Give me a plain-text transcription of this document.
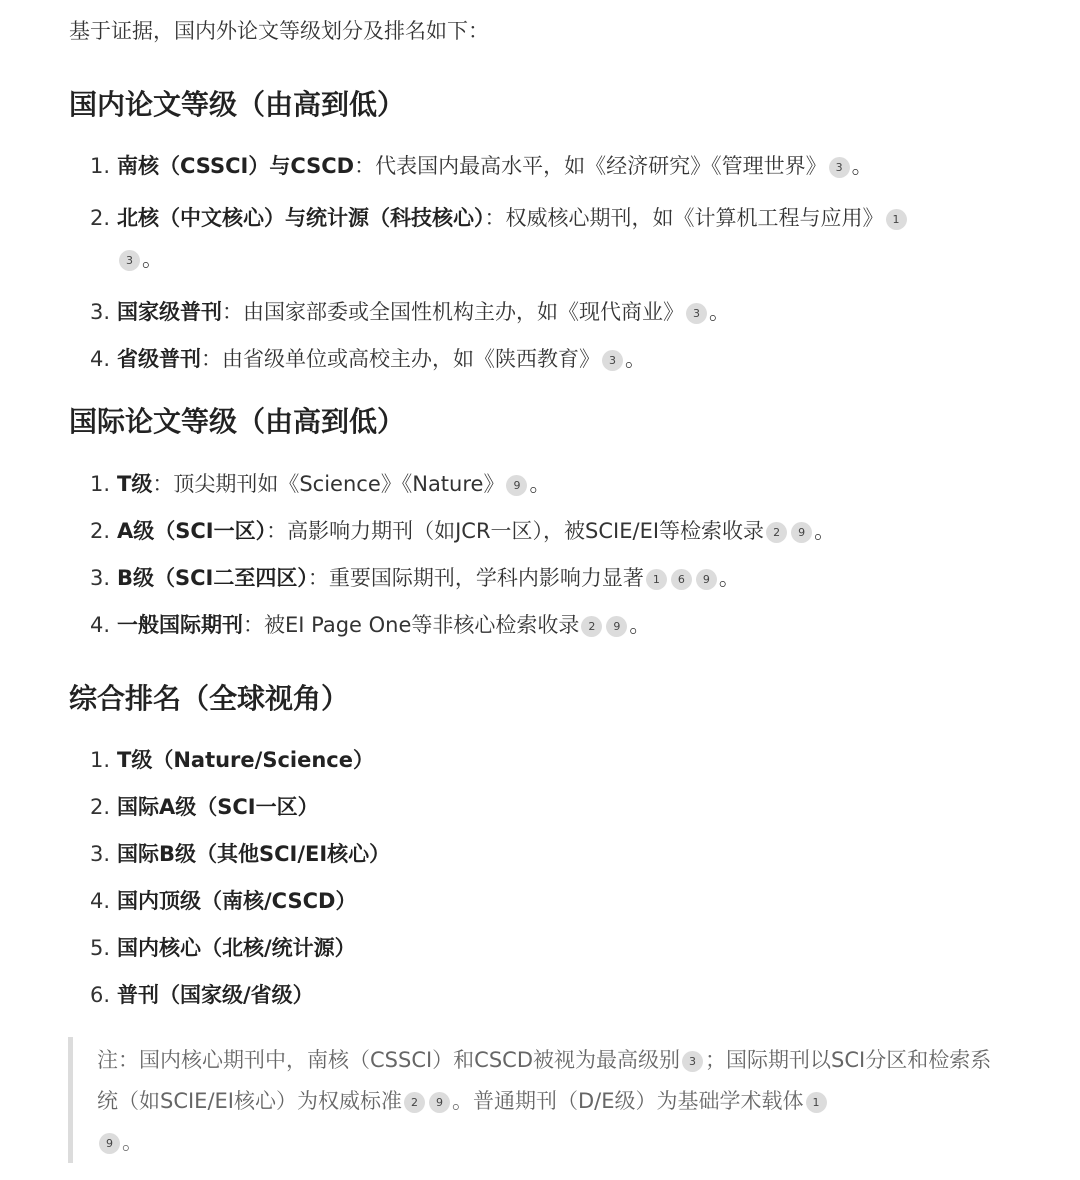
基于证据，国内外论文等级划分及排名如下：

国内论文等级（由高到低）
1. 南核（CSSCI）与CSCD：代表国内最高水平，如《经济研究》《管理世界》 3 。
2. 北核（中文核心）与统计源（科技核心）：权威核心期刊，如《计算机工程与应用》 1
3 。
3. 国家级普刊：由国家部委或全国性机构主办，如《现代商业》 3 。
4. 省级普刊：由省级单位或高校主办，如《陕西教育》 3 。
国际论文等级（由高到低）
1. T级：顶尖期刊如《Science》《Nature》 9 。
2. A级（SCI一区）：高影响力期刊（如JCR一区），被SCIE/EI等检索收录 2 9 。
3. B级（SCI二至四区）：重要国际期刊，学科内影响力显著 1 6 9 。
4. 一般国际期刊：被EI Page One等非核心检索收录 2 9 。
综合排名（全球视角）
1. T级（Nature/Science）
2. 国际A级（SCI一区）
3. 国际B级（其他SCI/EI核心）
4. 国内顶级（南核/CSCD）
5. 国内核心（北核/统计源）
6. 普刊（国家级/省级）

注：国内核心期刊中，南核（CSSCI）和CSCD被视为最高级别 3 ；国际期刊以SCI分区和检索系统（如SCIE/EI核心）为权威标准 2 9 。普通期刊（D/E级）为基础学术载体 1
9 。
